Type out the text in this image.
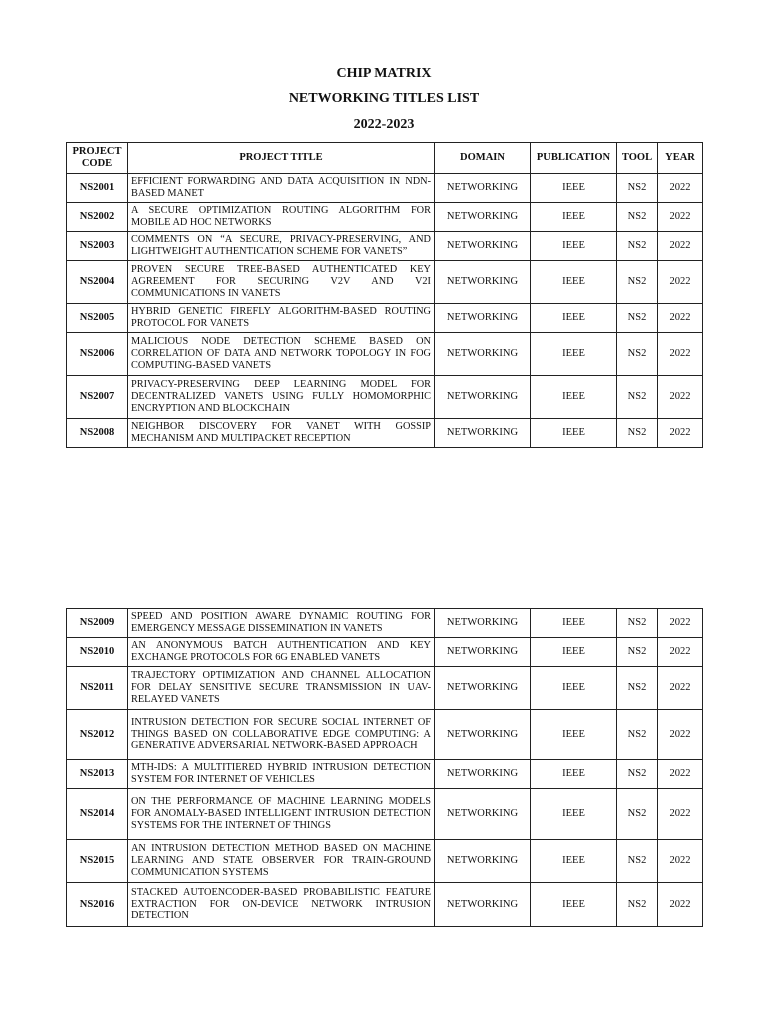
CHIP MATRIX
NETWORKING TITLES LIST
2022-2023
PROJECT CODE	PROJECT TITLE	DOMAIN	PUBLICATION	TOOL	YEAR
NS2001	EFFICIENT FORWARDING AND DATA ACQUISITION IN NDN-BASED MANET	NETWORKING	IEEE	NS2	2022
NS2002	A SECURE OPTIMIZATION ROUTING ALGORITHM FOR MOBILE AD HOC NETWORKS	NETWORKING	IEEE	NS2	2022
NS2003	COMMENTS ON “A SECURE, PRIVACY-PRESERVING, AND LIGHTWEIGHT AUTHENTICATION SCHEME FOR VANETS”	NETWORKING	IEEE	NS2	2022
NS2004	PROVEN SECURE TREE-BASED AUTHENTICATED KEY AGREEMENT FOR SECURING V2V AND V2I COMMUNICATIONS IN VANETS	NETWORKING	IEEE	NS2	2022
NS2005	HYBRID GENETIC FIREFLY ALGORITHM-BASED ROUTING PROTOCOL FOR VANETS	NETWORKING	IEEE	NS2	2022
NS2006	MALICIOUS NODE DETECTION SCHEME BASED ON CORRELATION OF DATA AND NETWORK TOPOLOGY IN FOG COMPUTING-BASED VANETS	NETWORKING	IEEE	NS2	2022
NS2007	PRIVACY-PRESERVING DEEP LEARNING MODEL FOR DECENTRALIZED VANETS USING FULLY HOMOMORPHIC ENCRYPTION AND BLOCKCHAIN	NETWORKING	IEEE	NS2	2022
NS2008	NEIGHBOR DISCOVERY FOR VANET WITH GOSSIP MECHANISM AND MULTIPACKET RECEPTION	NETWORKING	IEEE	NS2	2022
NS2009	SPEED AND POSITION AWARE DYNAMIC ROUTING FOR EMERGENCY MESSAGE DISSEMINATION IN VANETS	NETWORKING	IEEE	NS2	2022
NS2010	AN ANONYMOUS BATCH AUTHENTICATION AND KEY EXCHANGE PROTOCOLS FOR 6G ENABLED VANETS	NETWORKING	IEEE	NS2	2022
NS2011	TRAJECTORY OPTIMIZATION AND CHANNEL ALLOCATION FOR DELAY SENSITIVE SECURE TRANSMISSION IN UAV-RELAYED VANETS	NETWORKING	IEEE	NS2	2022
NS2012	INTRUSION DETECTION FOR SECURE SOCIAL INTERNET OF THINGS BASED ON COLLABORATIVE EDGE COMPUTING: A GENERATIVE ADVERSARIAL NETWORK-BASED APPROACH	NETWORKING	IEEE	NS2	2022
NS2013	MTH-IDS: A MULTITIERED HYBRID INTRUSION DETECTION SYSTEM FOR INTERNET OF VEHICLES	NETWORKING	IEEE	NS2	2022
NS2014	ON THE PERFORMANCE OF MACHINE LEARNING MODELS FOR ANOMALY-BASED INTELLIGENT INTRUSION DETECTION SYSTEMS FOR THE INTERNET OF THINGS	NETWORKING	IEEE	NS2	2022
NS2015	AN INTRUSION DETECTION METHOD BASED ON MACHINE LEARNING AND STATE OBSERVER FOR TRAIN-GROUND COMMUNICATION SYSTEMS	NETWORKING	IEEE	NS2	2022
NS2016	STACKED AUTOENCODER-BASED PROBABILISTIC FEATURE EXTRACTION FOR ON-DEVICE NETWORK INTRUSION DETECTION	NETWORKING	IEEE	NS2	2022
